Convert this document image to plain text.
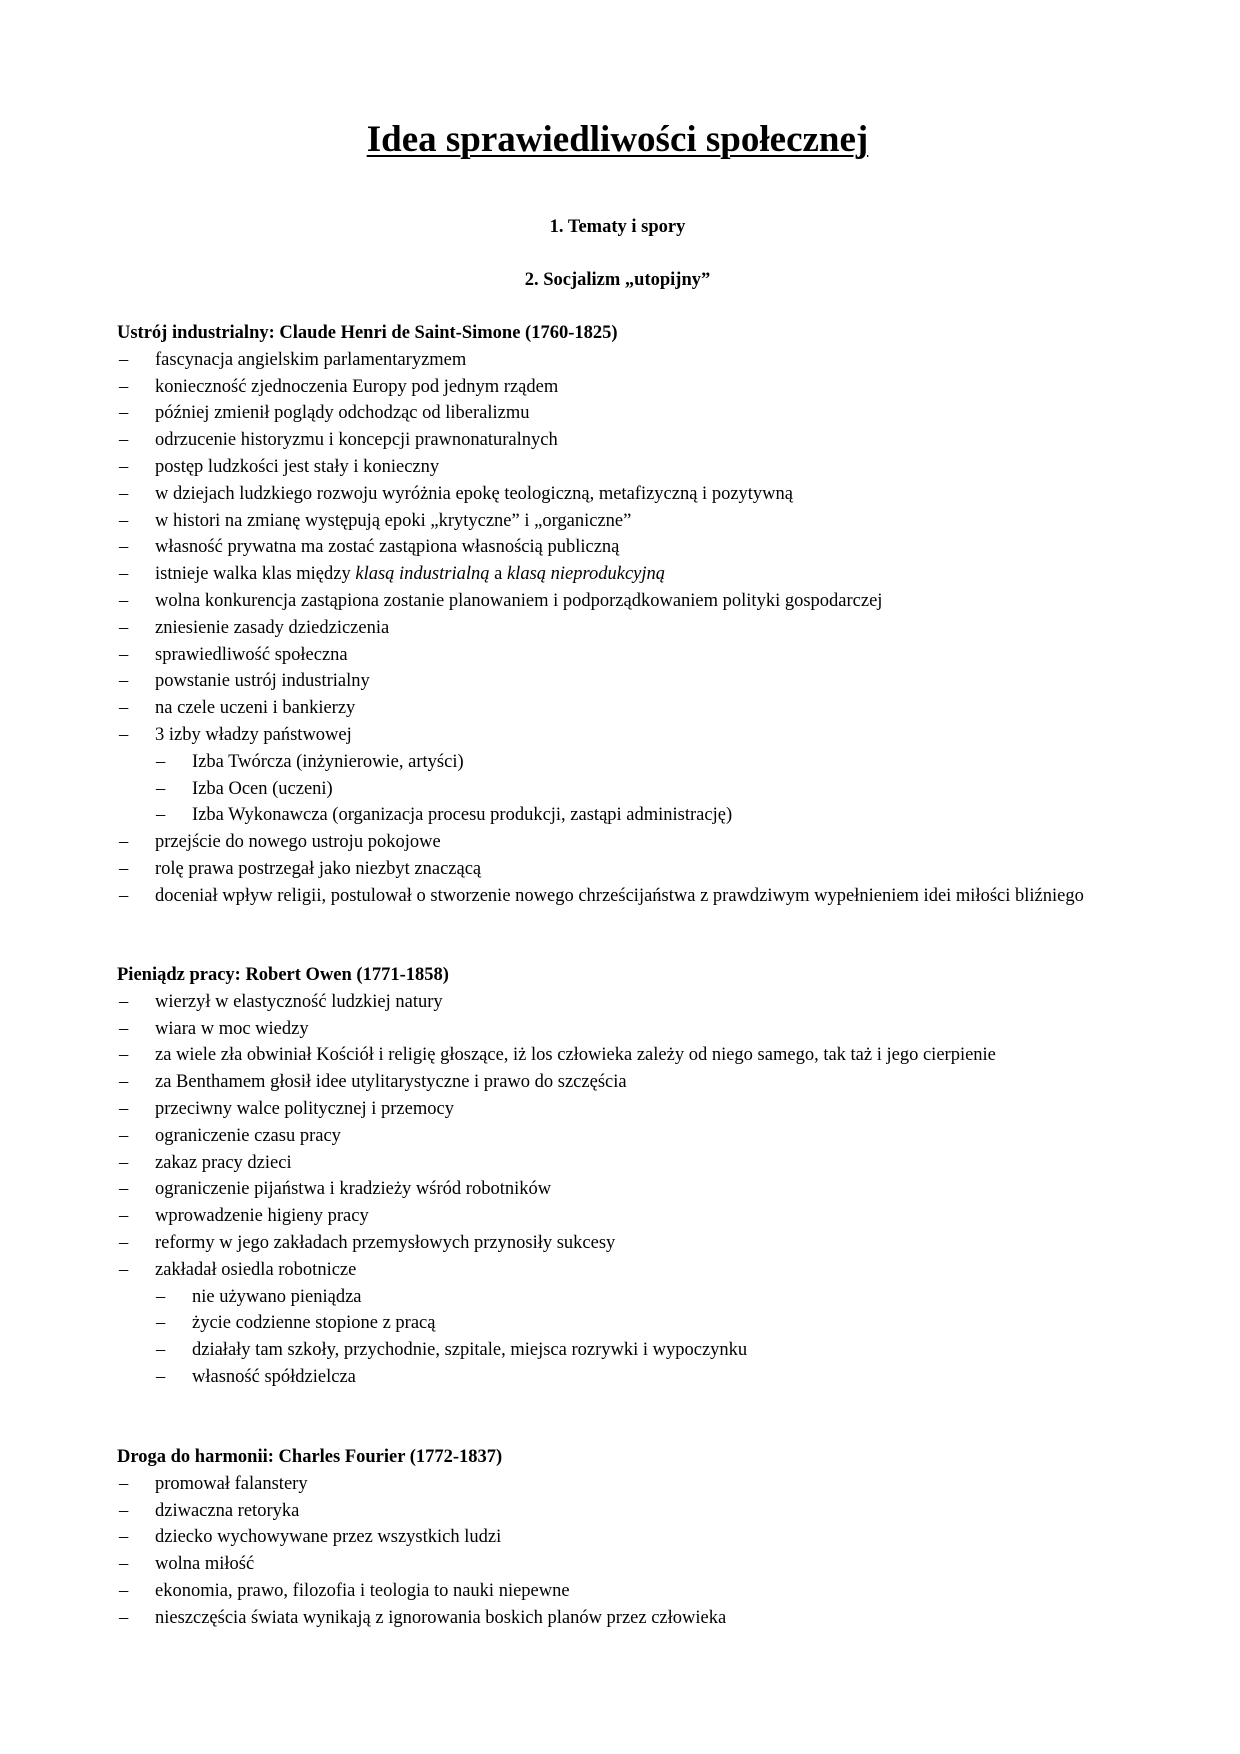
Idea sprawiedliwości społecznej

1. Tematy i spory

2. Socjalizm „utopijny”

Ustrój industrialny: Claude Henri de Saint-Simone (1760-1825)

– fascynacja angielskim parlamentaryzmem
– konieczność zjednoczenia Europy pod jednym rządem
– później zmienił poglądy odchodząc od liberalizmu
– odrzucenie historyzmu i koncepcji prawnonaturalnych
– postęp ludzkości jest stały i konieczny
– w dziejach ludzkiego rozwoju wyróżnia epokę teologiczną, metafizyczną i pozytywną
– w histori na zmianę występują epoki „krytyczne” i „organiczne”
– własność prywatna ma zostać zastąpiona własnością publiczną
– istnieje walka klas między klasą industrialną a klasą nieprodukcyjną
– wolna konkurencja zastąpiona zostanie planowaniem i podporządkowaniem polityki gospodarczej
– zniesienie zasady dziedziczenia
– sprawiedliwość społeczna
– powstanie ustrój industrialny
– na czele uczeni i bankierzy
– 3 izby władzy państwowej
– Izba Twórcza (inżynierowie, artyści)
– Izba Ocen (uczeni)
– Izba Wykonawcza (organizacja procesu produkcji, zastąpi administrację)
– przejście do nowego ustroju pokojowe
– rolę prawa postrzegał jako niezbyt znaczącą
– doceniał wpływ religii, postulował o stworzenie nowego chrześcijaństwa z prawdziwym wypełnieniem idei miłości bliźniego

Pieniądz pracy: Robert Owen (1771-1858)

– wierzył w elastyczność ludzkiej natury
– wiara w moc wiedzy
– za wiele zła obwiniał Kościół i religię głoszące, iż los człowieka zależy od niego samego, tak taż i jego cierpienie
– za Benthamem głosił idee utylitarystyczne i prawo do szczęścia
– przeciwny walce politycznej i przemocy
– ograniczenie czasu pracy
– zakaz pracy dzieci
– ograniczenie pijaństwa i kradzieży wśród robotników
– wprowadzenie higieny pracy
– reformy w jego zakładach przemysłowych przynosiły sukcesy
– zakładał osiedla robotnicze
– nie używano pieniądza
– życie codzienne stopione z pracą
– działały tam szkoły, przychodnie, szpitale, miejsca rozrywki i wypoczynku
– własność spółdzielcza

Droga do harmonii: Charles Fourier (1772-1837)

– promował falanstery
– dziwaczna retoryka
– dziecko wychowywane przez wszystkich ludzi
– wolna miłość
– ekonomia, prawo, filozofia i teologia to nauki niepewne
– nieszczęścia świata wynikają z ignorowania boskich planów przez człowieka
